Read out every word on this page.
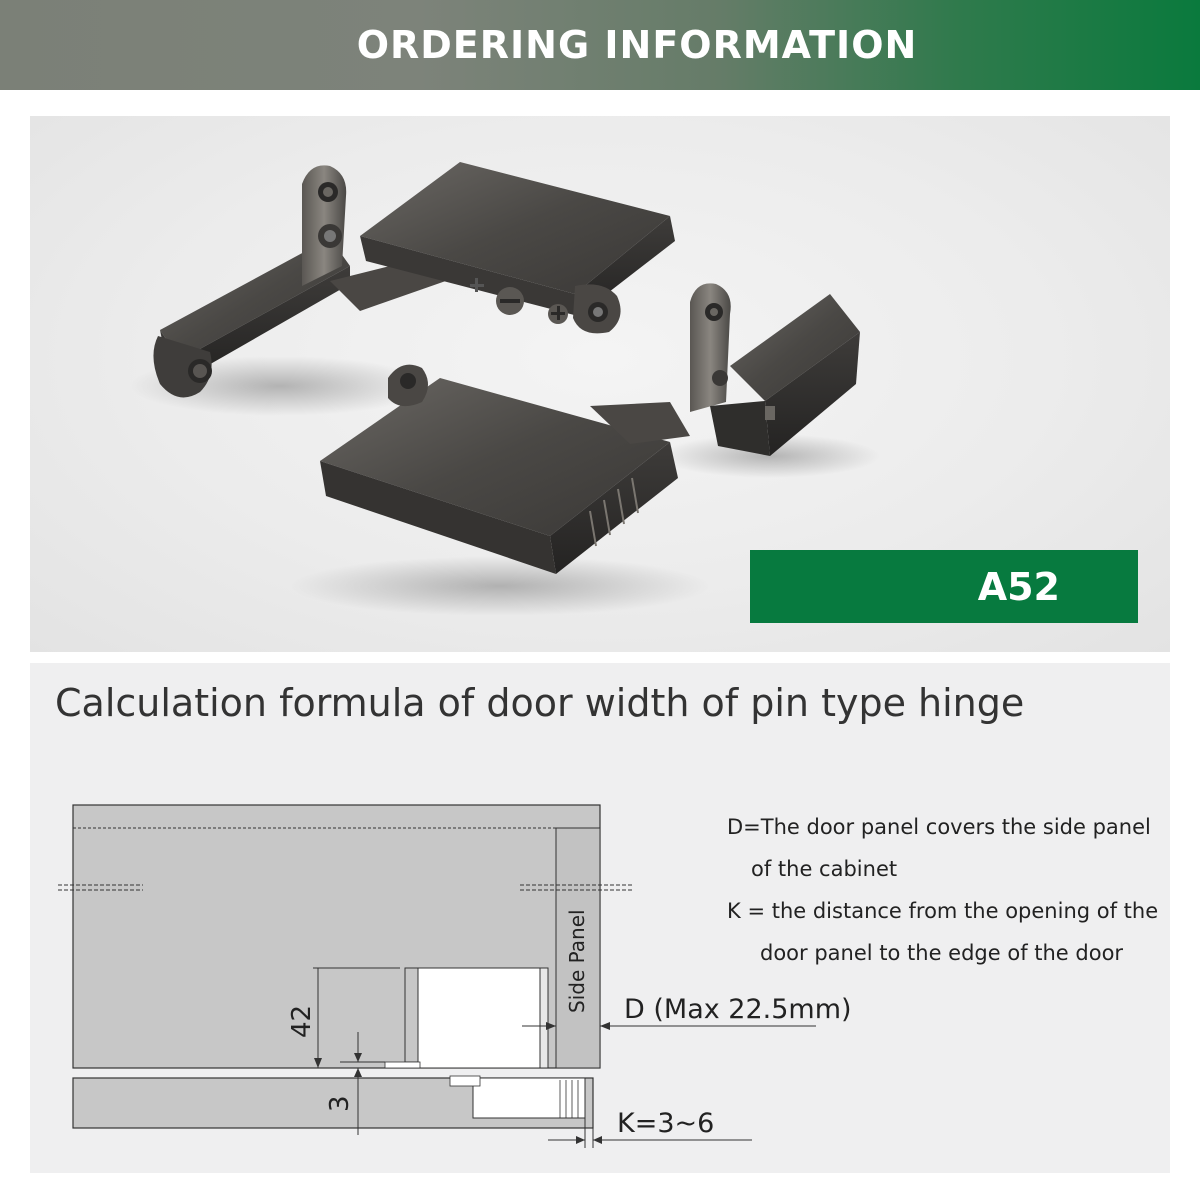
ORDERING INFORMATION
A52
Calculation formula of door width of pin type hinge
Side Panel
42
3
D (Max 22.5mm)
K=3~6
D=The door panel covers the side panel
of the cabinet
K = the distance from the opening of the
door panel to the edge of the door
